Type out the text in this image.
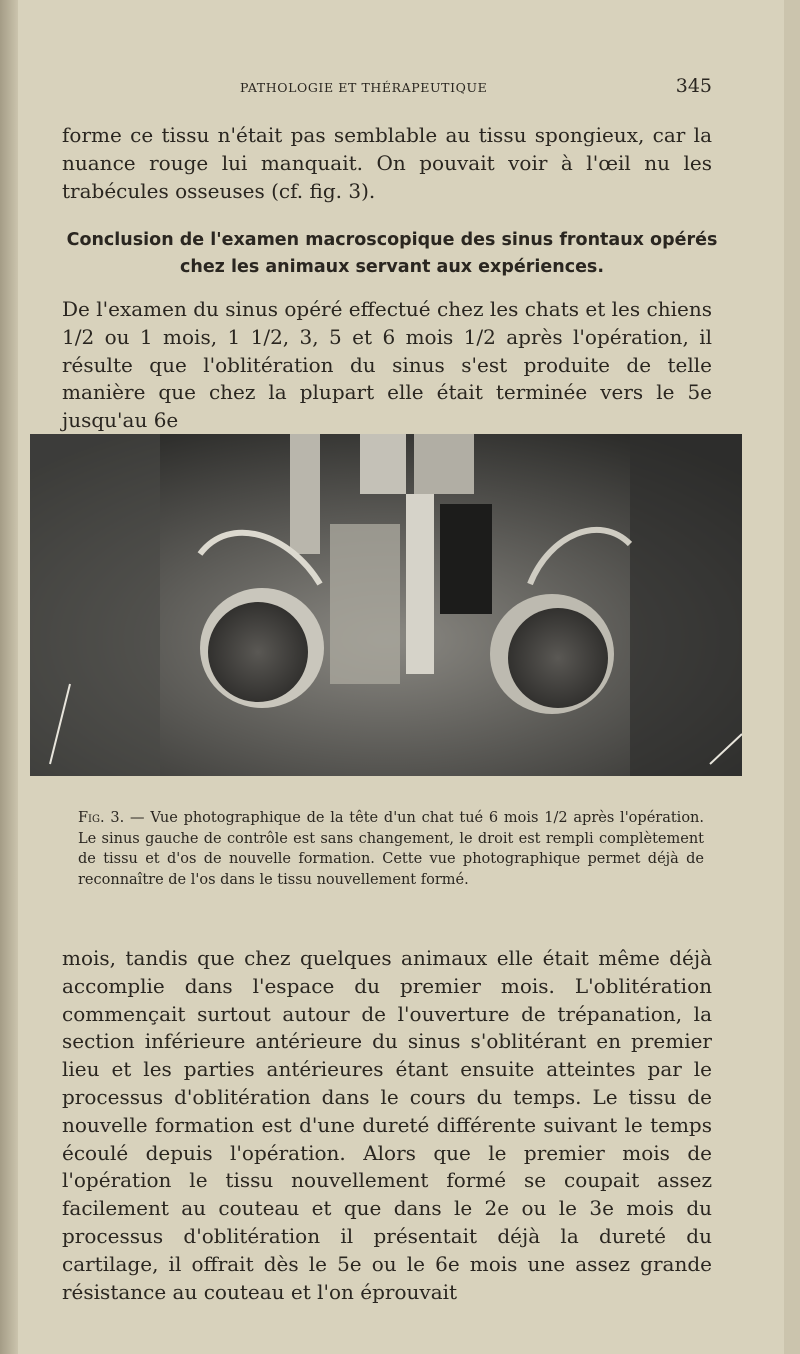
PATHOLOGIE ET THÉRAPEUTIQUE	345

forme ce tissu n'était pas semblable au tissu spongieux, car la nuance rouge lui manquait. On pouvait voir à l'œil nu les trabécules osseuses (cf. fig. 3).

Conclusion de l'examen macroscopique des sinus frontaux opérés chez les animaux servant aux expériences.

De l'examen du sinus opéré effectué chez les chats et les chiens 1/2 ou 1 mois, 1 1/2, 3, 5 et 6 mois 1/2 après l'opération, il résulte que l'oblitération du sinus s'est produite de telle manière que chez la plupart elle était terminée vers le 5e jusqu'au 6e

Fig. 3. — Vue photographique de la tête d'un chat tué 6 mois 1/2 après l'opération. Le sinus gauche de contrôle est sans changement, le droit est rempli complètement de tissu et d'os de nouvelle formation. Cette vue photographique permet déjà de reconnaître de l'os dans le tissu nouvellement formé.

mois, tandis que chez quelques animaux elle était même déjà accomplie dans l'espace du premier mois. L'oblitération commençait surtout autour de l'ouverture de trépanation, la section inférieure antérieure du sinus s'oblitérant en premier lieu et les parties antérieures étant ensuite atteintes par le processus d'oblitération dans le cours du temps. Le tissu de nouvelle formation est d'une dureté différente suivant le temps écoulé depuis l'opération. Alors que le premier mois de l'opération le tissu nouvellement formé se coupait assez facilement au couteau et que dans le 2e ou le 3e mois du processus d'oblitération il présentait déjà la dureté du cartilage, il offrait dès le 5e ou le 6e mois une assez grande résistance au couteau et l'on éprouvait
